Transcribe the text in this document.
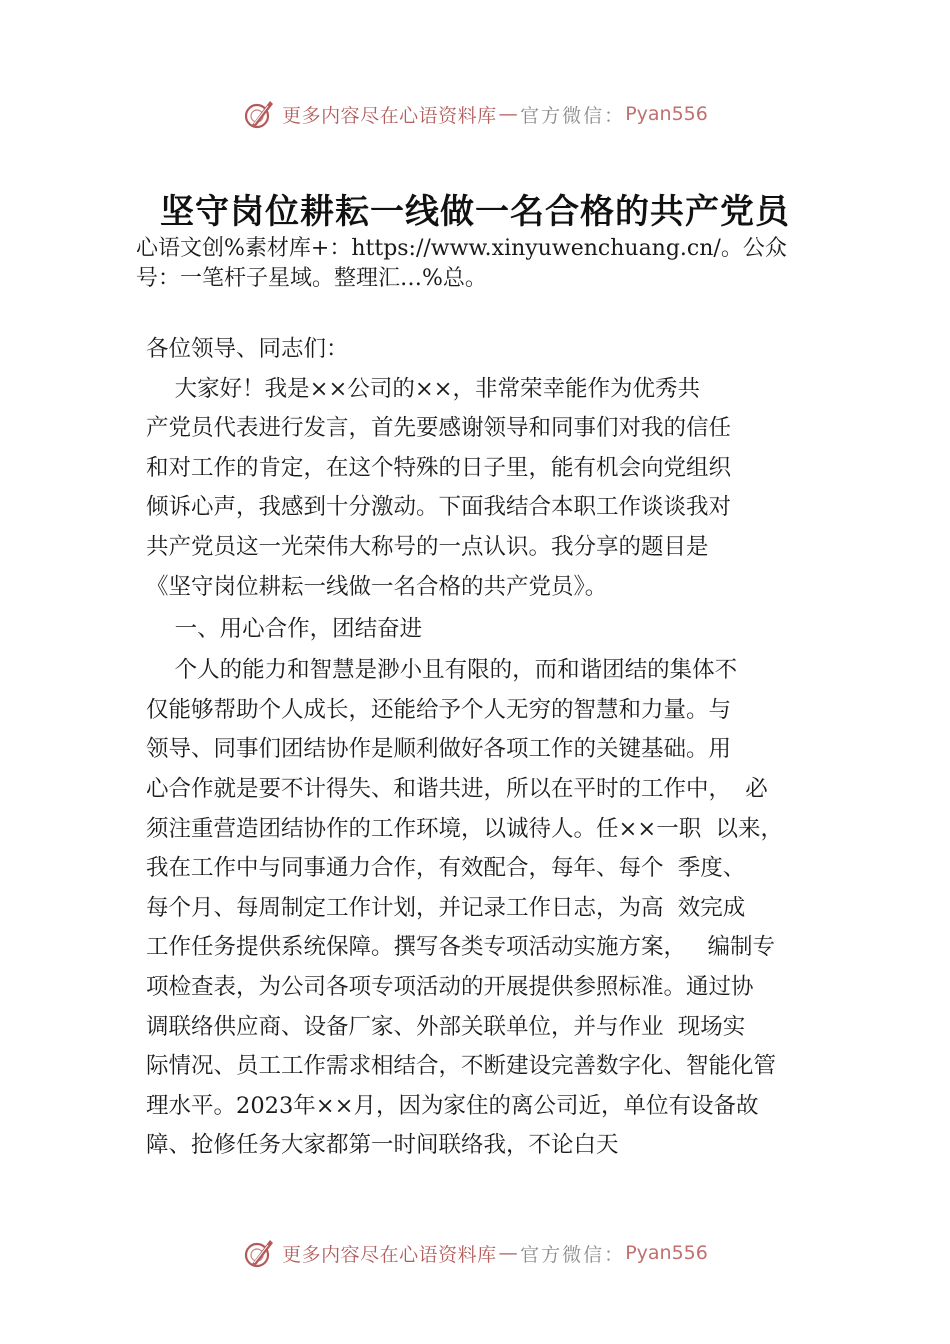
更多内容尽在心语资料库 — 官方微信： Pyan556
坚守岗位耕耘一线做一名合格的共产党员
心语文创%素材库+：https://www.xinyuwenchuang.cn/。公众
号：一笔杆子星域。整理汇…%总。
各位领导、同志们：
大家好！我是××公司的××，非常荣幸能作为优秀共
产党员代表进行发言，首先要感谢领导和同事们对我的信任
和对工作的肯定，在这个特殊的日子里，能有机会向党组织
倾诉心声，我感到十分激动。下面我结合本职工作谈谈我对
共产党员这一光荣伟大称号的一点认识。我分享的题目是
《坚守岗位耕耘一线做一名合格的共产党员》。
一、用心合作，团结奋进
个人的能力和智慧是渺小且有限的，而和谐团结的集体不
仅能够帮助个人成长，还能给予个人无穷的智慧和力量。与
领导、同事们团结协作是顺利做好各项工作的关键基础。用
心合作就是要不计得失、和谐共进，所以在平时的工作中，  必
须注重营造团结协作的工作环境，以诚待人。任××一职  以来，
我在工作中与同事通力合作，有效配合，每年、每个  季度、
每个月、每周制定工作计划，并记录工作日志，为高  效完成
工作任务提供系统保障。撰写各类专项活动实施方案，   编制专
项检查表，为公司各项专项活动的开展提供参照标准。通过协
调联络供应商、设备厂家、外部关联单位，并与作业  现场实
际情况、员工工作需求相结合，不断建设完善数字化、智能化管
理水平。2023年××月，因为家住的离公司近，单位有设备故
障、抢修任务大家都第一时间联络我，不论白天
更多内容尽在心语资料库 — 官方微信： Pyan556
